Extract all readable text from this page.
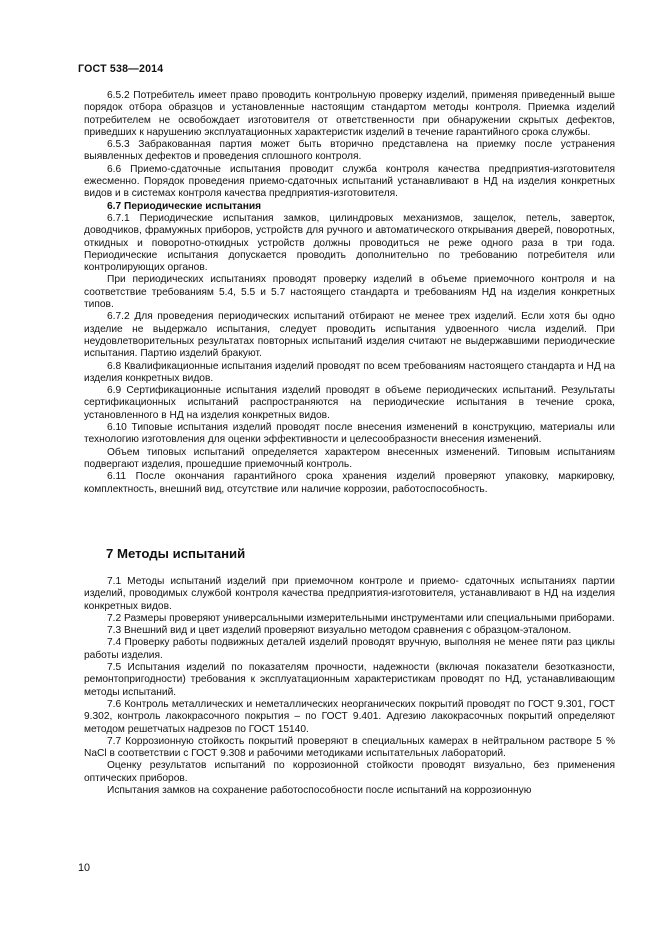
ГОСТ 538—2014

6.5.2 Потребитель имеет право проводить контрольную проверку изделий, применяя приведенный выше порядок отбора образцов и установленные настоящим стандартом методы контроля. Приемка изделий потребителем не освобождает изготовителя от ответственности при обнаружении скрытых дефектов, приведших к нарушению эксплуатационных характеристик изделий в течение гарантийного срока службы.

6.5.3 Забракованная партия может быть вторично представлена на приемку после устранения выявленных дефектов и проведения сплошного контроля.

6.6 Приемо-сдаточные испытания проводит служба контроля качества предприятия-изготовителя ежесменно. Порядок проведения приемо-сдаточных испытаний устанавливают в НД на изделия конкретных видов и в системах контроля качества предприятия-изготовителя.

6.7 Периодические испытания

6.7.1 Периодические испытания замков, цилиндровых механизмов, защелок, петель, заверток, доводчиков, фрамужных приборов, устройств для ручного и автоматического открывания дверей, поворотных, откидных и поворотно-откидных устройств должны проводиться не реже одного раза в три года. Периодические испытания допускается проводить дополнительно по требованию потребителя или контролирующих органов.

При периодических испытаниях проводят проверку изделий в объеме приемочного контроля и на соответствие требованиям 5.4, 5.5 и 5.7 настоящего стандарта и требованиям НД на изделия конкретных типов.

6.7.2 Для проведения периодических испытаний отбирают не менее трех изделий. Если хотя бы одно изделие не выдержало испытания, следует проводить испытания удвоенного числа изделий. При неудовлетворительных результатах повторных испытаний изделия считают не выдержавшими периодические испытания. Партию изделий бракуют.

6.8 Квалификационные испытания изделий проводят по всем требованиям настоящего стандарта и НД на изделия конкретных видов.

6.9 Сертификационные испытания изделий проводят в объеме периодических испытаний. Результаты сертификационных испытаний распространяются на периодические испытания в течение срока, установленного в НД на изделия конкретных видов.

6.10 Типовые испытания изделий проводят после внесения изменений в конструкцию, материалы или технологию изготовления для оценки эффективности и целесообразности внесения изменений.

Объем типовых испытаний определяется характером внесенных изменений. Типовым испытаниям подвергают изделия, прошедшие приемочный контроль.

6.11 После окончания гарантийного срока хранения изделий проверяют упаковку, маркировку, комплектность, внешний вид, отсутствие или наличие коррозии, работоспособность.

7 Методы испытаний

7.1 Методы испытаний изделий при приемочном контроле и приемо- сдаточных испытаниях партии изделий, проводимых службой контроля качества предприятия-изготовителя, устанавливают в НД на изделия конкретных видов.

7.2 Размеры проверяют универсальными измерительными инструментами или специальными приборами.

7.3 Внешний вид и цвет изделий проверяют визуально методом сравнения с образцом-эталоном.

7.4 Проверку работы подвижных деталей изделий проводят вручную, выполняя не менее пяти раз циклы работы изделия.

7.5 Испытания изделий по показателям прочности, надежности (включая показатели безотказности, ремонтопригодности) требования к эксплуатационным характеристикам проводят по НД, устанавливающим методы испытаний.

7.6 Контроль металлических и неметаллических неорганических покрытий проводят по ГОСТ 9.301, ГОСТ 9.302, контроль лакокрасочного покрытия – по ГОСТ 9.401. Адгезию лакокрасочных покрытий определяют методом решетчатых надрезов по ГОСТ 15140.

7.7 Коррозионную стойкость покрытий проверяют в специальных камерах в нейтральном растворе 5 % NaCl в соответствии с ГОСТ 9.308 и рабочими методиками испытательных лабораторий.

Оценку результатов испытаний по коррозионной стойкости проводят визуально, без применения оптических приборов.

Испытания замков на сохранение работоспособности после испытаний на коррозионную

10
